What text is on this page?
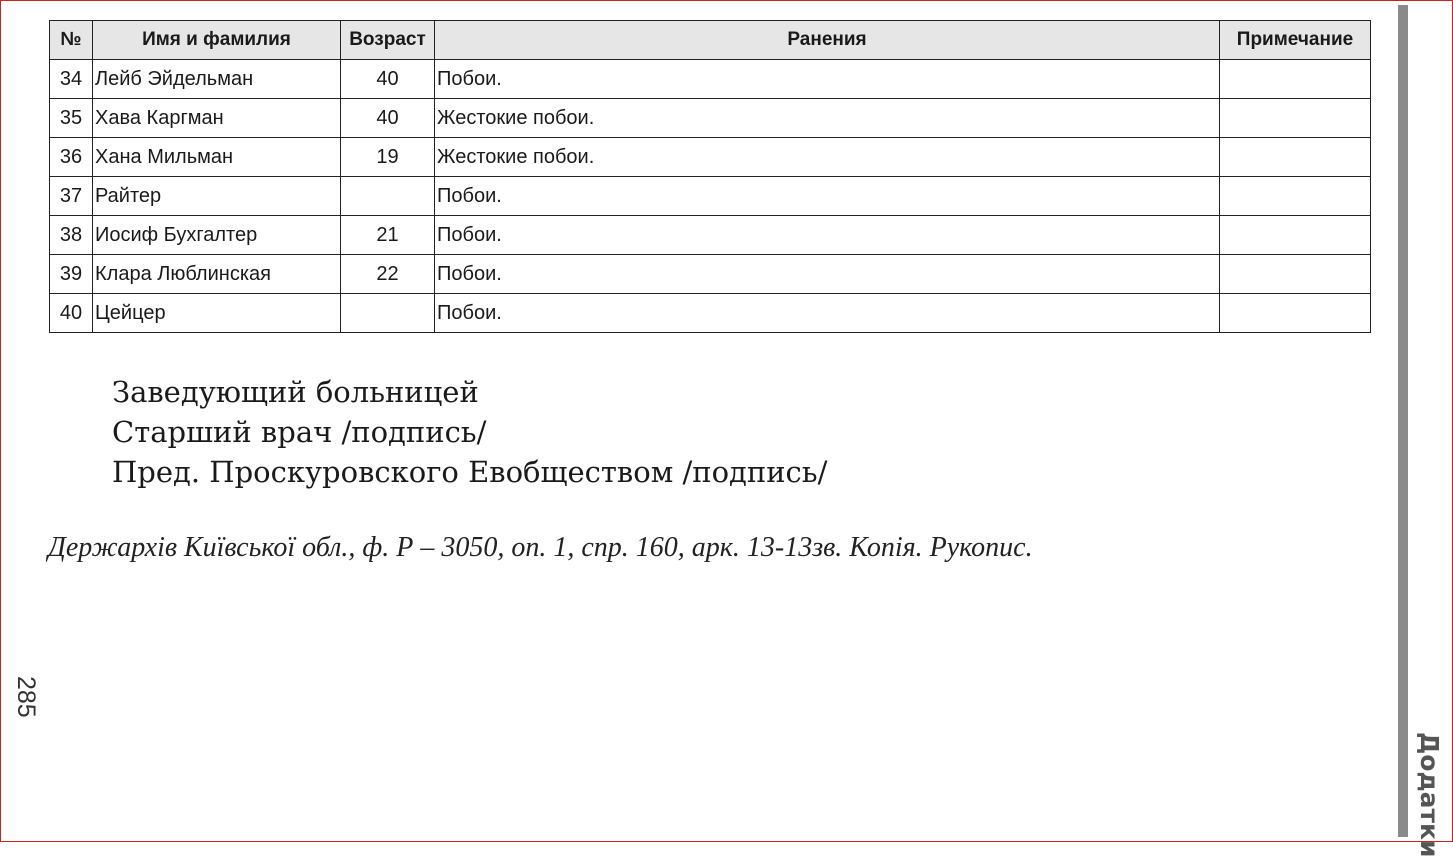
№	Имя и фамилия	Возраст	Ранения	Примечание
34	Лейб Эйдельман	40	Побои.	
35	Хава Каргман	40	Жестокие побои.	
36	Хана Мильман	19	Жестокие побои.	
37	Райтер		Побои.	
38	Иосиф Бухгалтер	21	Побои.	
39	Клара Люблинская	22	Побои.	
40	Цейцер		Побои.	
Заведующий больницей
Старший врач /подпись/
Пред. Проскуровского Евобществом /подпись/
Держархів Київської обл., ф. Р – 3050, оп. 1, спр. 160, арк. 13-13зв. Копія. Рукопис.
285
Додатки
